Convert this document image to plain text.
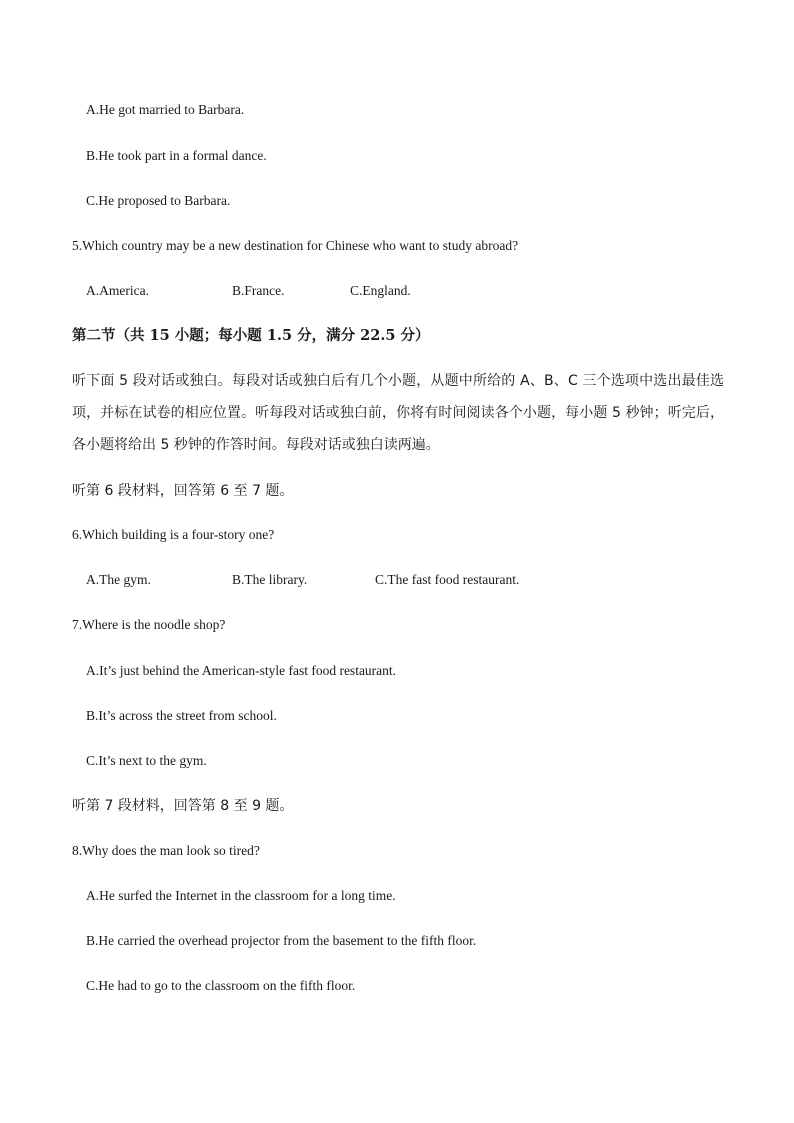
A.He got married to Barbara.
B.He took part in a formal dance.
C.He proposed to Barbara.
5.Which country may be a new destination for Chinese who want to study abroad?
A.America.	B.France.	C.England.
第二节（共 15 小题；每小题 1.5 分，满分 22.5 分）
听下面 5 段对话或独白。每段对话或独白后有几个小题，从题中所给的 A、B、C 三个选项中选出最佳选项，并标在试卷的相应位置。听每段对话或独白前，你将有时间阅读各个小题，每小题 5 秒钟；听完后，各小题将给出 5 秒钟的作答时间。每段对话或独白读两遍。
听第 6 段材料，回答第 6 至 7 题。
6.Which building is a four-story one?
A.The gym.	B.The library.	C.The fast food restaurant.
7.Where is the noodle shop?
A.It’s just behind the American-style fast food restaurant.
B.It’s across the street from school.
C.It’s next to the gym.
听第 7 段材料，回答第 8 至 9 题。
8.Why does the man look so tired?
A.He surfed the Internet in the classroom for a long time.
B.He carried the overhead projector from the basement to the fifth floor.
C.He had to go to the classroom on the fifth floor.
